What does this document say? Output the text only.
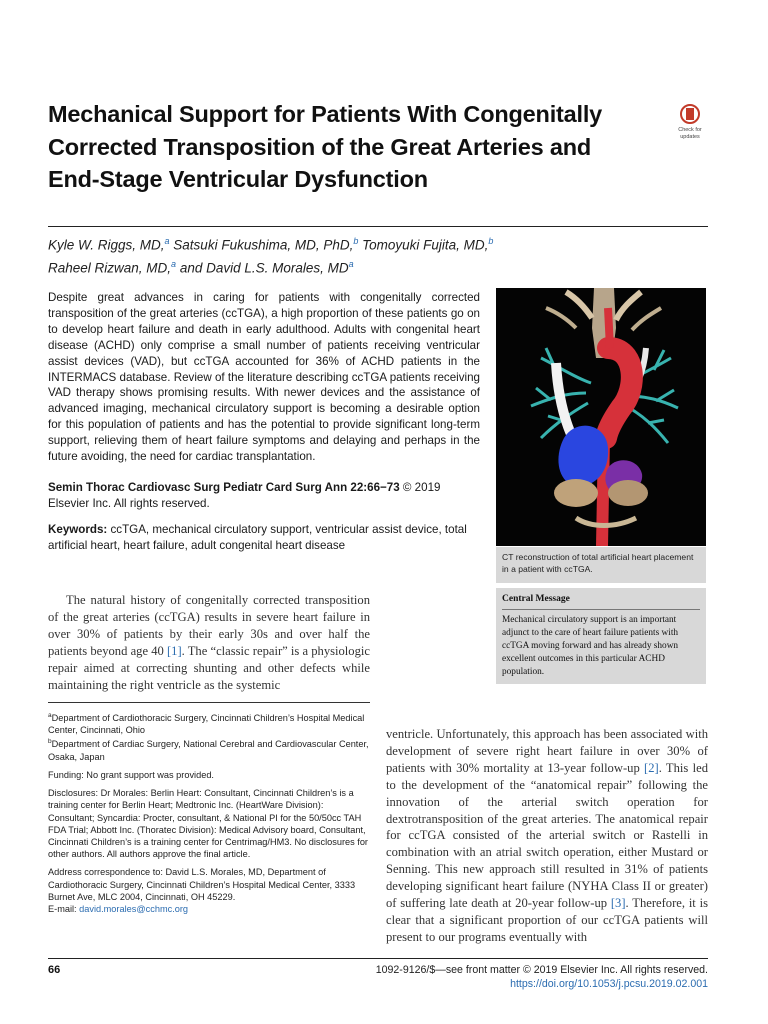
Mechanical Support for Patients With Congenitally Corrected Transposition of the Great Arteries and End-Stage Ventricular Dysfunction
Check for updates
Kyle W. Riggs, MD,$^a$ Satsuki Fukushima, MD, PhD,$^b$ Tomoyuki Fujita, MD,$^b$
Raheel Rizwan, MD,$^a$ and David L.S. Morales, $MD^a$

Despite great advances in caring for patients with congenitally corrected transposition of the great arteries (ccTGA), a high proportion of these patients go on to develop heart failure and death in early adulthood. Adults with congenital heart disease (ACHD) only comprise a small number of patients receiving ventricular assist devices (VAD), but ccTGA accounted for 36% of ACHD patients in the INTERMACS database. Review of the literature describing ccTGA patients receiving VAD therapy shows promising results. With newer devices and the assistance of advanced imaging, mechanical circulatory support is becoming a desirable option for this population of patients and has the potential to provide significant long-term support, relieving them of heart failure symptoms and delaying and perhaps in the future avoiding, the need for cardiac transplantation.

Semin Thorac Cardiovasc Surg Pediatr Card Surg Ann 22:66−73 © 2019 Elsevier Inc. All rights reserved.

Keywords: ccTGA, mechanical circulatory support, ventricular assist device, total artificial heart, heart failure, adult congenital heart disease

CT reconstruction of total artificial heart placement in a patient with ccTGA.
Central Message
Mechanical circulatory support is an important adjunct to the care of heart failure patients with ccTGA moving forward and has already shown excellent outcomes in this particular ACHD population.

The natural history of congenitally corrected transposition of the great arteries (ccTGA) results in severe heart failure in over 30% of patients by their early 30s and over half the patients beyond age 40 [1]. The “classic repair” is a physiologic repair aimed at correcting shunting and other defects while maintaining the right ventricle as the systemic

$^a$Department of Cardiothoracic Surgery, Cincinnati Children’s Hospital Medical Center, Cincinnati, Ohio
$^b$Department of Cardiac Surgery, National Cerebral and Cardiovascular Center, Osaka, Japan

Funding: No grant support was provided.

Disclosures: Dr Morales: Berlin Heart: Consultant, Cincinnati Children’s is a training center for Berlin Heart; Medtronic Inc. (HeartWare Division): Consultant; Syncardia: Procter, consultant, & National PI for the 50/50cc TAH FDA Trial; Abbott Inc. (Thoratec Division): Medical Advisory board, Consultant, Cincinnati Children’s is a training center for Centrimag/HM3. No disclosures for other authors. All authors approve the final article.

Address correspondence to: David L.S. Morales, MD, Department of Cardiothoracic Surgery, Cincinnati Children’s Hospital Medical Center, 3333 Burnet Ave, MLC 2004, Cincinnati, OH 45229.
E-mail: david.morales@cchmc.org

ventricle. Unfortunately, this approach has been associated with development of severe right heart failure in over 30% of patients with 30% mortality at 13-year follow-up [2]. This led to the development of the “anatomical repair” following the innovation of the arterial switch operation for dextrotransposition of the great arteries. The anatomical repair for ccTGA consisted of the arterial switch or Rastelli in combination with an atrial switch operation, either Mustard or Senning. This new approach still resulted in 31% of patients developing significant heart failure (NYHA Class II or greater) of suffering late death at 20-year follow-up [3]. Therefore, it is clear that a significant proportion of our ccTGA patients will present to our programs eventually with

66	1092-9126/$—see front matter © 2019 Elsevier Inc. All rights reserved.
https://doi.org/10.1053/j.pcsu.2019.02.001
